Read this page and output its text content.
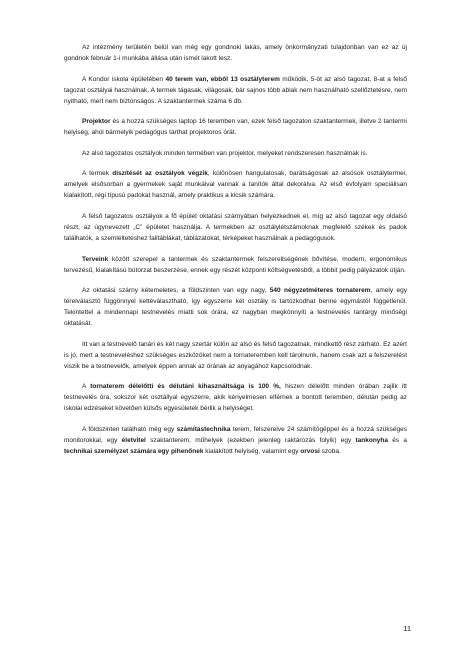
Az intézmény területén belül van még egy gondnoki lakás, amely önkormányzati tulajdonban van ez az új gondnok február 1-i munkába állása után ismét lakott lesz.

A Kondor iskola épületében 40 terem van, ebből 13 osztályterem működik, 5-öt az alsó tagozat, 8-at a felső tagozat osztályai használnak. A termek tágasak, világosak, bár sajnos több ablak nem használható szellőztetésre, nem nyitható, mert nem biztonságos. A szaktantermek száma 6 db.

Projektor és a hozzá szükséges laptop 16 teremben van, ezek felső tagozaton szaktantermek, illetve 2 tantermi helyiség, ahol bármelyik pedagógus tarthat projektoros órát.

Az alsó tagozatos osztályok minden termében van projektor, melyeket rendszeresen használnak is.

A termek díszítését az osztályok végzik, különösen hangulatosak, barátságosak az alsósok osztálytermei, amelyek elsősorban a gyermekek saját munkáival vannak a tanítók által dekorálva. Az első évfolyam speciálisan kialakított, régi típusú padokat használ, amely praktikus a kicsik számára.

A felső tagozatos osztályok a fő épület oktatási szárnyában helyezkednek el, míg az alsó tagozat egy oldalsó részt, az úgynevezett „C” épületet használja. A termekben az osztálylétszámoknak megfelelő székek és padok találhatók, a szemléltetéshez falitáblákat, táblázatokat, térképeket használnak a pedagógusok.

Terveink között szerepel a tantermek és szaktantermek felszereltségének bővítése, modern, ergonómikus tervezésű, kialakítású bútorzat beszerzése, ennek egy részét központi költségvetésből, a többit pedig pályázatok útján.

Az oktatási szárny kétemeletes, a földszinten van egy nagy, 540 négyzetméteres tornaterem, amely egy térelválasztó függönnyel kettéválasztható, így egyszerre két osztály is tartózkodhat benne egymástól függetlenül. Tekintettel a mindennapi testnevelés miatti sok órára, ez nagyban megkönnyíti a testnevelés tantárgy minőségi oktatását.

Itt van a testnevelő tanári és két nagy szertár külön az alsó és felső tagozatnak, mindkettő rész zárható. Ez azért is jó, mert a testneveléshez szükséges eszközöket nem a tornateremben kell tárolnunk, hanem csak azt a felszerelést viszik be a testnevelők, amelyek éppen annak az órának az anyagához kapcsolódnak.

A tornaterem délelőtti és délutáni kihasználtsága is 100 %, hiszen délelőtt minden órában zajlik itt testnevelés óra, sokszor két osztállyal egyszerre, akik kényelmesen elférnek a bontott teremben, délután pedig az iskolai edzéseket követően külsős egyesületek bérlik a helyiséget.

A földszinten található még egy számítástechnika terem, felszerelve 24 számítógéppel és a hozzá szükséges monitorokkal, egy életvitel szaktanterem, műhelyek (ezekben jelenleg raktározás folyik) egy tankonyha és a technikai személyzet számára egy pihenőnek kialakított helyiség, valamint egy orvosi szoba.

11
